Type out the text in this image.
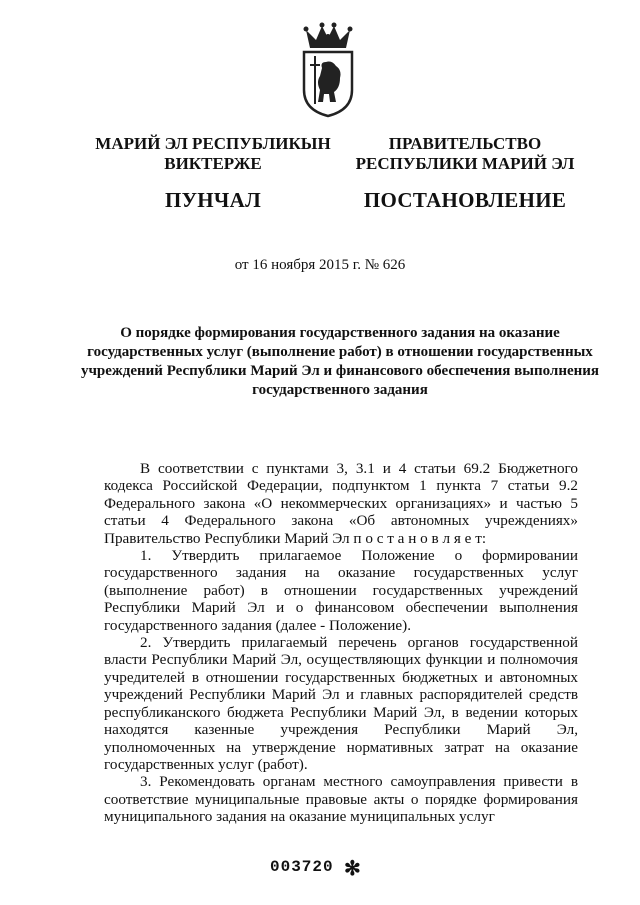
МАРИЙ ЭЛ РЕСПУБЛИКЫН
ВИКТЕРЖЕ
ПУНЧАЛ
ПРАВИТЕЛЬСТВО
РЕСПУБЛИКИ МАРИЙ ЭЛ
ПОСТАНОВЛЕНИЕ
от 16 ноября 2015 г. № 626
О порядке формирования государственного задания на оказание государственных услуг (выполнение работ) в отношении государственных учреждений Республики Марий Эл и финансового обеспечения выполнения государственного задания

В соответствии с пунктами 3, 3.1 и 4 статьи 69.2 Бюджетного кодекса Российской Федерации, подпунктом 1 пункта 7 статьи 9.2 Федерального закона «О некоммерческих организациях» и частью 5 статьи 4 Федерального закона «Об автономных учреждениях» Правительство Республики Марий Эл п о с т а н о в л я е т:

1. Утвердить прилагаемое Положение о формировании государственного задания на оказание государственных услуг (выполнение работ) в отношении государственных учреждений Республики Марий Эл и о финансовом обеспечении выполнения государственного задания (далее - Положение).

2. Утвердить прилагаемый перечень органов государственной власти Республики Марий Эл, осуществляющих функции и полномочия учредителей в отношении государственных бюджетных и автономных учреждений Республики Марий Эл и главных распорядителей средств республиканского бюджета Республики Марий Эл, в ведении которых находятся казенные учреждения Республики Марий Эл, уполномоченных на утверждение нормативных затрат на оказание государственных услуг (работ).

3. Рекомендовать органам местного самоуправления привести в соответствие муниципальные правовые акты о порядке формирования муниципального задания на оказание муниципальных услуг

003720 ✻
